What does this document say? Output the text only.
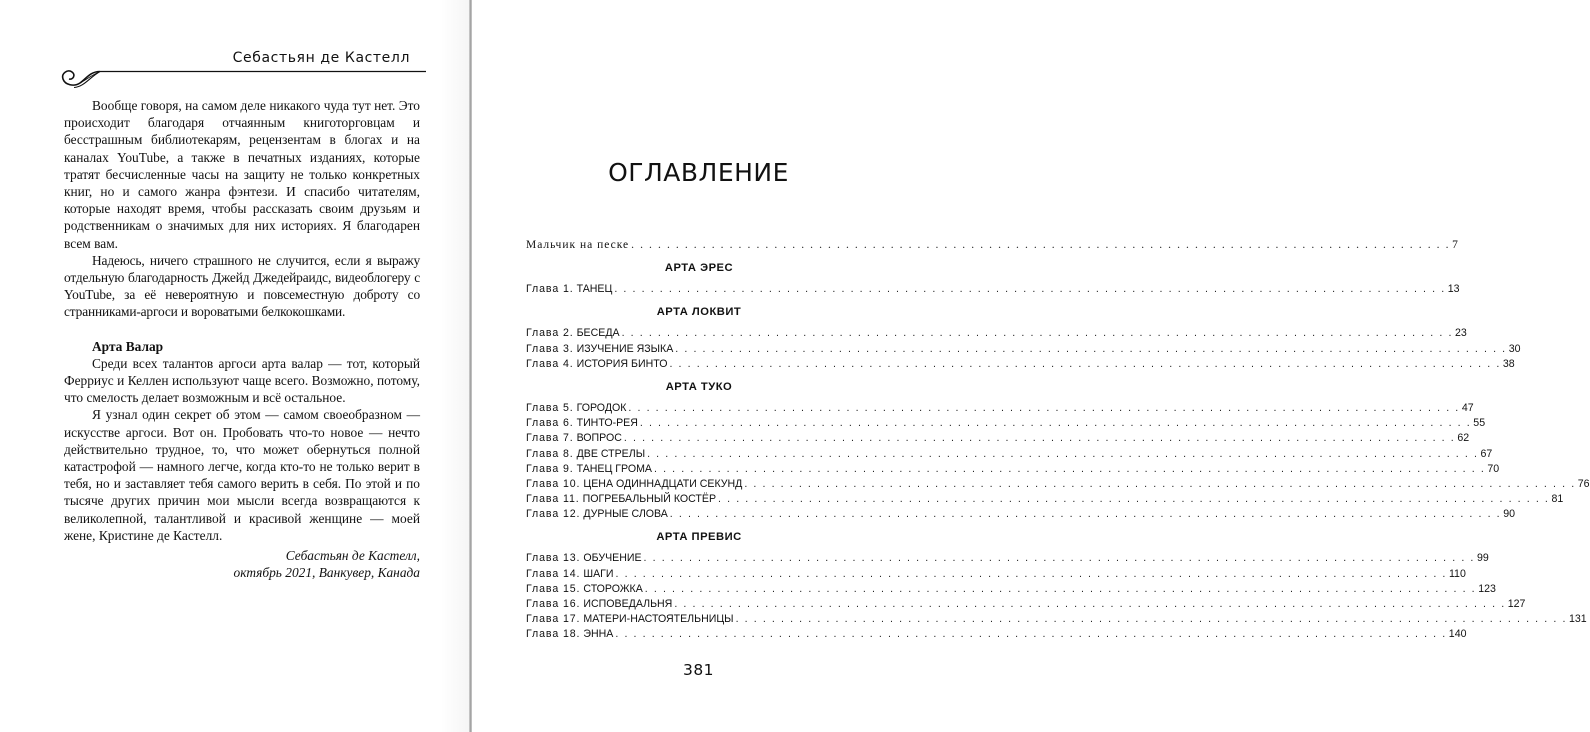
Себастьян де Кастелл

Вообще говоря, на самом деле никакого чуда тут нет. Это происходит благодаря отчаянным книготорговцам и бесстрашным библиотекарям, рецензентам в блогах и на каналах YouTube, а также в печатных изданиях, которые тратят бесчисленные часы на защиту не только конкретных книг, но и самого жанра фэнтези. И спасибо читателям, которые находят время, чтобы рассказать своим друзьям и родственникам о значимых для них историях. Я благодарен всем вам.

Надеюсь, ничего страшного не случится, если я выражу отдельную благодарность Джейд Джедейраидс, видеоблогеру с YouTube, за её невероятную и повсеместную доброту со странниками-аргоси и вороватыми белкокошками.

Арта Валар

Среди всех талантов аргоси арта валар — тот, который Ферриус и Келлен используют чаще всего. Возможно, потому, что смелость делает возможным и всё остальное.

Я узнал один секрет об этом — самом своеобразном — искусстве аргоси. Вот он. Пробовать что-то новое — нечто действительно трудное, то, что может обернуться полной катастрофой — намного легче, когда кто-то не только верит в тебя, но и заставляет тебя самого верить в себя. По этой и по тысяче других причин мои мысли всегда возвращаются к великолепной, талантливой и красивой женщине — моей жене, Кристине де Кастелл.

Себастьян де Кастелл,

октябрь 2021, Ванкувер, Канада

ОГЛАВЛЕНИЕ
Мальчик на песке . . . . . . . . . . . . . . . . . . . . . . . . . . . . . . . . . . . . . . . . . . . . . . . . . . . . . . . . . . . . . . . . . . . . . . . . . . . . . . . . . . . . . . . . . . . . 7
АРТА ЭРЕС
Глава 1. ТАНЕЦ . . . . . . . . . . . . . . . . . . . . . . . . . . . . . . . . . . . . . . . . . . . . . . . . . . . . . . . . . . . . . . . . . . . . . . . . . . . . . . . . . . . . . . . . . . . . 13
АРТА ЛОКВИТ
Глава 2. БЕСЕДА . . . . . . . . . . . . . . . . . . . . . . . . . . . . . . . . . . . . . . . . . . . . . . . . . . . . . . . . . . . . . . . . . . . . . . . . . . . . . . . . . . . . . . . . . . . . 23
Глава 3. ИЗУЧЕНИЕ ЯЗЫКА . . . . . . . . . . . . . . . . . . . . . . . . . . . . . . . . . . . . . . . . . . . . . . . . . . . . . . . . . . . . . . . . . . . . . . . . . . . . . . . . . . . . . . . . . . . . 30
Глава 4. ИСТОРИЯ БИНТО . . . . . . . . . . . . . . . . . . . . . . . . . . . . . . . . . . . . . . . . . . . . . . . . . . . . . . . . . . . . . . . . . . . . . . . . . . . . . . . . . . . . . . . . . . . . 38
АРТА ТУКО
Глава 5. ГОРОДОК . . . . . . . . . . . . . . . . . . . . . . . . . . . . . . . . . . . . . . . . . . . . . . . . . . . . . . . . . . . . . . . . . . . . . . . . . . . . . . . . . . . . . . . . . . . . 47
Глава 6. ТИНТО-РЕЯ . . . . . . . . . . . . . . . . . . . . . . . . . . . . . . . . . . . . . . . . . . . . . . . . . . . . . . . . . . . . . . . . . . . . . . . . . . . . . . . . . . . . . . . . . . . . 55
Глава 7. ВОПРОС . . . . . . . . . . . . . . . . . . . . . . . . . . . . . . . . . . . . . . . . . . . . . . . . . . . . . . . . . . . . . . . . . . . . . . . . . . . . . . . . . . . . . . . . . . . . 62
Глава 8. ДВЕ СТРЕЛЫ . . . . . . . . . . . . . . . . . . . . . . . . . . . . . . . . . . . . . . . . . . . . . . . . . . . . . . . . . . . . . . . . . . . . . . . . . . . . . . . . . . . . . . . . . . . . 67
Глава 9. ТАНЕЦ ГРОМА . . . . . . . . . . . . . . . . . . . . . . . . . . . . . . . . . . . . . . . . . . . . . . . . . . . . . . . . . . . . . . . . . . . . . . . . . . . . . . . . . . . . . . . . . . . . 70
Глава 10. ЦЕНА ОДИННАДЦАТИ СЕКУНД . . . . . . . . . . . . . . . . . . . . . . . . . . . . . . . . . . . . . . . . . . . . . . . . . . . . . . . . . . . . . . . . . . . . . . . . . . . . . . . . . . . . . . . . . . . . 76
Глава 11. ПОГРЕБАЛЬНЫЙ КОСТЁР . . . . . . . . . . . . . . . . . . . . . . . . . . . . . . . . . . . . . . . . . . . . . . . . . . . . . . . . . . . . . . . . . . . . . . . . . . . . . . . . . . . . . . . . . . . . 81
Глава 12. ДУРНЫЕ СЛОВА . . . . . . . . . . . . . . . . . . . . . . . . . . . . . . . . . . . . . . . . . . . . . . . . . . . . . . . . . . . . . . . . . . . . . . . . . . . . . . . . . . . . . . . . . . . . 90
АРТА ПРЕВИС
Глава 13. ОБУЧЕНИЕ . . . . . . . . . . . . . . . . . . . . . . . . . . . . . . . . . . . . . . . . . . . . . . . . . . . . . . . . . . . . . . . . . . . . . . . . . . . . . . . . . . . . . . . . . . . . 99
Глава 14. ШАГИ . . . . . . . . . . . . . . . . . . . . . . . . . . . . . . . . . . . . . . . . . . . . . . . . . . . . . . . . . . . . . . . . . . . . . . . . . . . . . . . . . . . . . . . . . . . . 110
Глава 15. СТОРОЖКА . . . . . . . . . . . . . . . . . . . . . . . . . . . . . . . . . . . . . . . . . . . . . . . . . . . . . . . . . . . . . . . . . . . . . . . . . . . . . . . . . . . . . . . . . . . . 123
Глава 16. ИСПОВЕДАЛЬНЯ . . . . . . . . . . . . . . . . . . . . . . . . . . . . . . . . . . . . . . . . . . . . . . . . . . . . . . . . . . . . . . . . . . . . . . . . . . . . . . . . . . . . . . . . . . . . 127
Глава 17. МАТЕРИ-НАСТОЯТЕЛЬНИЦЫ . . . . . . . . . . . . . . . . . . . . . . . . . . . . . . . . . . . . . . . . . . . . . . . . . . . . . . . . . . . . . . . . . . . . . . . . . . . . . . . . . . . . . . . . . . . . 131
Глава 18. ЭННА . . . . . . . . . . . . . . . . . . . . . . . . . . . . . . . . . . . . . . . . . . . . . . . . . . . . . . . . . . . . . . . . . . . . . . . . . . . . . . . . . . . . . . . . . . . . 140
381
